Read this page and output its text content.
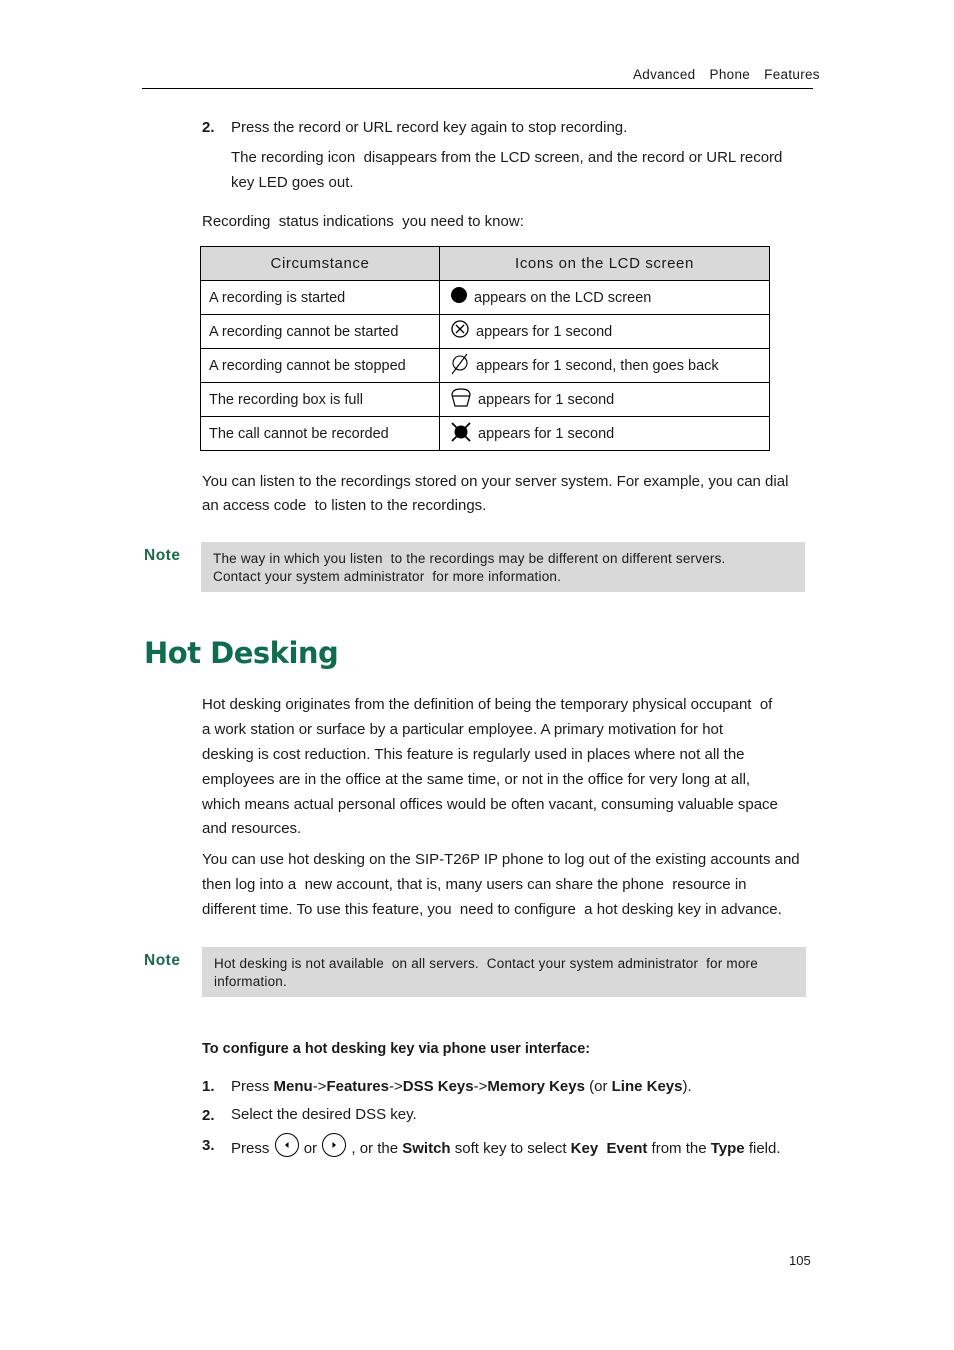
Advanced  Phone  Features
2. Press the record or URL record key again to stop recording.
The recording icon  disappears from the LCD screen, and the record or URL record
key LED goes out.
Recording  status indications  you need to know:
Circumstance	Icons on the LCD screen
A recording is started	appears on the LCD screen
A recording cannot be started	appears for 1 second
A recording cannot be stopped	appears for 1 second, then goes back
The recording box is full	appears for 1 second
The call cannot be recorded	appears for 1 second
You can listen to the recordings stored on your server system. For example, you can dial
an access code  to listen to the recordings.
Note The way in which you listen  to the recordings may be different on different servers.
Contact your system administrator  for more information.
Hot Desking
Hot desking originates from the definition of being the temporary physical occupant  of
a work station or surface by a particular employee. A primary motivation for hot
desking is cost reduction. This feature is regularly used in places where not all the
employees are in the office at the same time, or not in the office for very long at all,
which means actual personal offices would be often vacant, consuming valuable space
and resources.
You can use hot desking on the SIP-T26P IP phone to log out of the existing accounts and
then log into a  new account, that is, many users can share the phone  resource in
different time. To use this feature, you  need to configure  a hot desking key in advance.
Note Hot desking is not available  on all servers.  Contact your system administrator  for more
information.
To configure a hot desking key via phone user interface:
1. Press Menu->Features->DSS Keys->Memory Keys (or Line Keys).
2. Select the desired DSS key.
3. Press or , or the Switch soft key to select Key  Event from the Type field.
105
